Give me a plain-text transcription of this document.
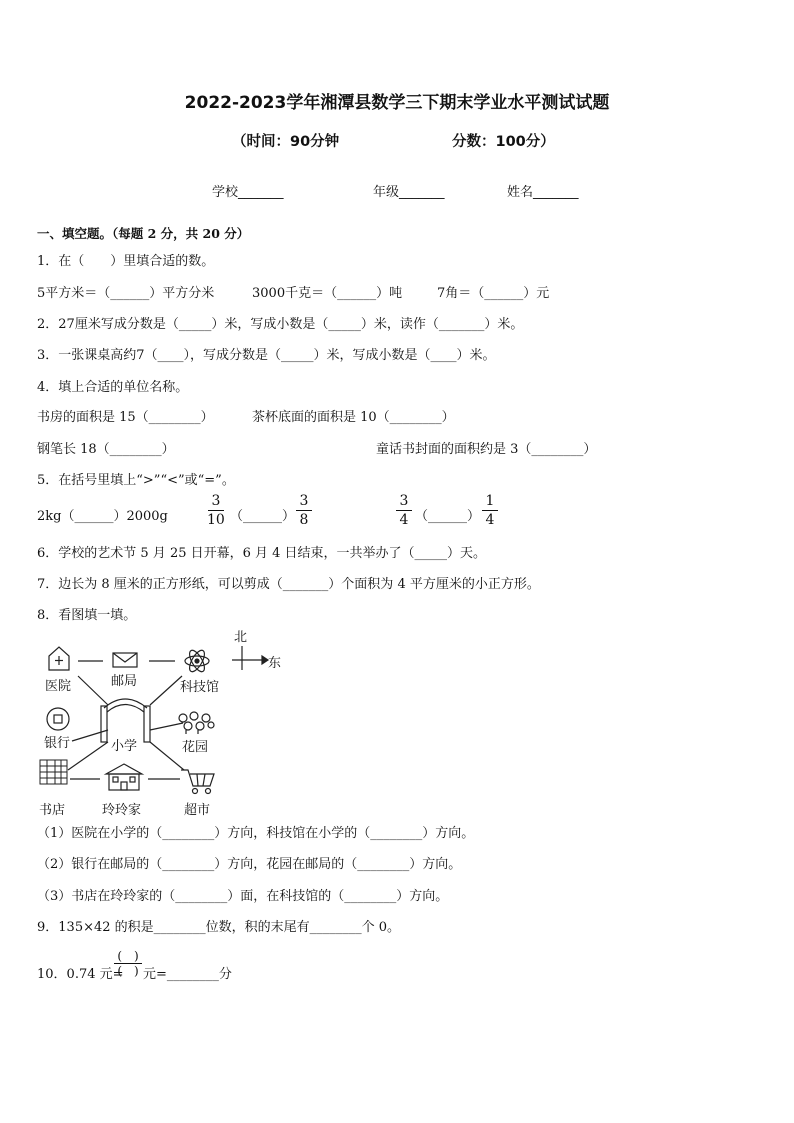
2022-2023学年湘潭县数学三下期末学业水平测试试题
（时间：90分钟	分数：100分）
学校_______	年级_______	姓名_______
一、填空题。（每题 2 分，共 20 分）
1．在（　　）里填合适的数。
5平方米＝（______）平方分米	3000千克＝（______）吨	7角＝（______）元
2．27厘米写成分数是（_____）米，写成小数是（_____）米，读作（_______）米。
3．一张课桌高约7（____），写成分数是（_____）米，写成小数是（____）米。
4．填上合适的单位名称。
书房的面积是 15（________）	茶杯底面的面积是 10（________）
钢笔长 18（________）	童话书封面的面积约是 3（________）
5．在括号里填上“>”“<”或“=”。
2kg（______）2000g
3
10 （______）
3
8
3
4 （______）
1
4
6．学校的艺术节 5 月 25 日开幕，6 月 4 日结束，一共举办了（_____）天。
7．边长为 8 厘米的正方形纸，可以剪成（_______）个面积为 4 平方厘米的小正方形。
8．看图填一填。
北
东
医院	邮局	科技馆
银行	小学	花园
书店	玲玲家	超市
（1）医院在小学的（________）方向，科技馆在小学的（________）方向。
（2）银行在邮局的（________）方向，花园在邮局的（________）方向。
（3）书店在玲玲家的（________）面，在科技馆的（________）方向。
9．135×42 的积是________位数，积的末尾有________个 0。
10．0.74 元=
(　)
(　) 元=________分
